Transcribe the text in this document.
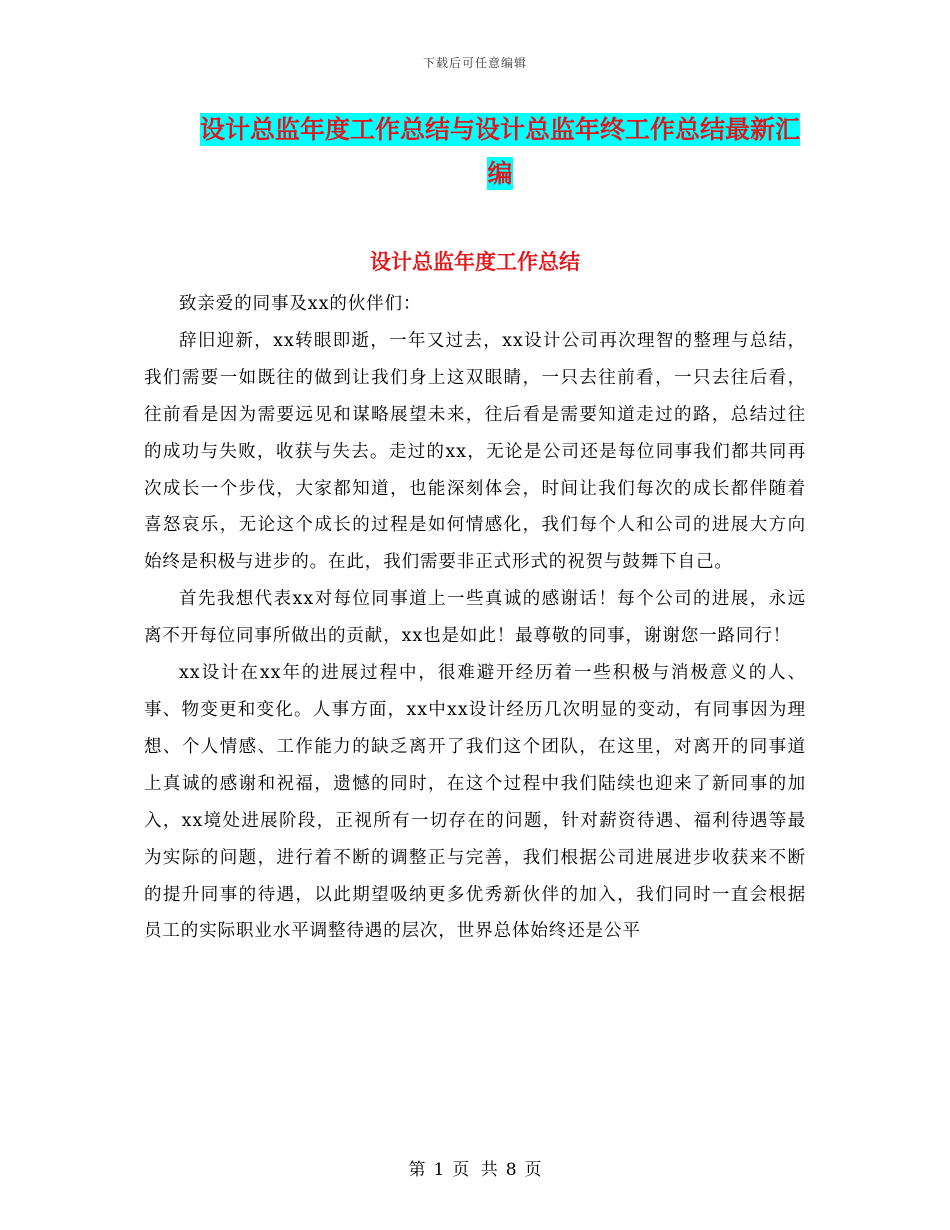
下载后可任意编辑
设计总监年度工作总结与设计总监年终工作总结最新汇编
设计总监年度工作总结

致亲爱的同事及xx的伙伴们：

辞旧迎新，xx转眼即逝，一年又过去，xx设计公司再次理智的整理与总结，我们需要一如既往的做到让我们身上这双眼睛，一只去往前看，一只去往后看，往前看是因为需要远见和谋略展望未来，往后看是需要知道走过的路，总结过往的成功与失败，收获与失去。走过的xx，无论是公司还是每位同事我们都共同再次成长一个步伐，大家都知道，也能深刻体会，时间让我们每次的成长都伴随着喜怒哀乐，无论这个成长的过程是如何情感化，我们每个人和公司的进展大方向始终是积极与进步的。在此，我们需要非正式形式的祝贺与鼓舞下自己。

首先我想代表xx对每位同事道上一些真诚的感谢话！每个公司的进展，永远离不开每位同事所做出的贡献，xx也是如此！最尊敬的同事，谢谢您一路同行！

xx设计在xx年的进展过程中，很难避开经历着一些积极与消极意义的人、事、物变更和变化。人事方面，xx中xx设计经历几次明显的变动，有同事因为理想、个人情感、工作能力的缺乏离开了我们这个团队，在这里，对离开的同事道上真诚的感谢和祝福，遗憾的同时，在这个过程中我们陆续也迎来了新同事的加入，xx境处进展阶段，正视所有一切存在的问题，针对薪资待遇、福利待遇等最为实际的问题，进行着不断的调整正与完善，我们根据公司进展进步收获来不断的提升同事的待遇，以此期望吸纳更多优秀新伙伴的加入，我们同时一直会根据员工的实际职业水平调整待遇的层次，世界总体始终还是公平

第 1 页 共 8 页
